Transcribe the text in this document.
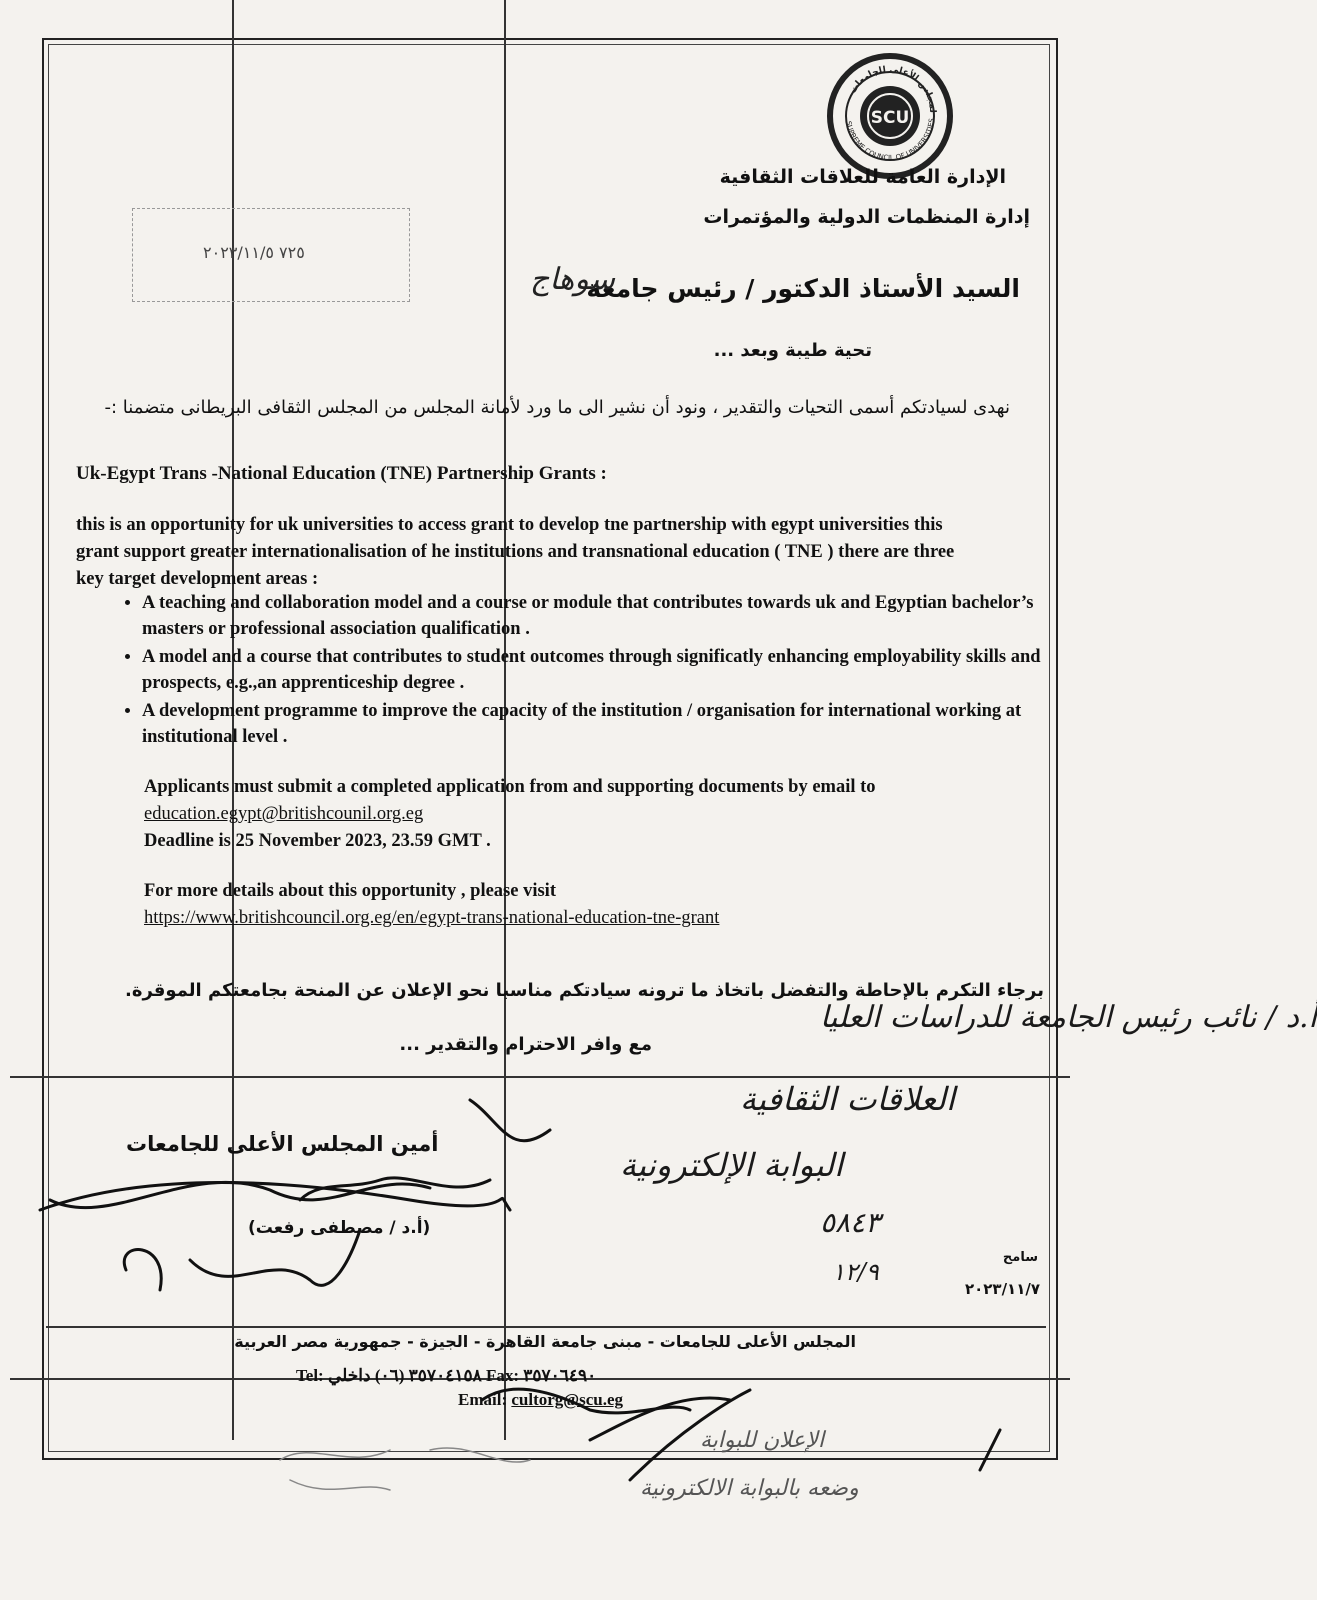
SCU
SUPREME COUNCIL OF UNIVERSITIES
لمجلس الأعلى للجامعات
الإدارة العامة للعلاقات الثقافية
إدارة المنظمات الدولية والمؤتمرات
٧٢٥ ٢٠٢٣/١١/٥
السيد الأستاذ الدكتور / رئيس جامعة
سوهاج
تحية طيبة وبعد ...
نهدى لسيادتكم أسمى التحيات والتقدير ، ونود أن نشير الى ما ورد لأمانة المجلس من المجلس الثقافى البريطانى متضمنا :-
Uk-Egypt Trans -National Education (TNE) Partnership Grants :
this is an opportunity for uk universities to access grant to develop tne partnership with egypt universities this grant support greater internationalisation of he institutions and transnational education ( TNE ) there are three key target development areas :
• A teaching and collaboration model and a course or module that contributes towards uk and Egyptian bachelor’s masters or professional association qualification .
• A model and a course that contributes to student outcomes through significatly enhancing employability skills and prospects, e.g.,an apprenticeship degree .
• A development programme to improve the capacity of the institution / organisation for international working at institutional level .
Applicants must submit a completed application from and supporting documents by email to
education.egypt@britishcounil.org.eg
Deadline is 25 November 2023, 23.59 GMT .
For more details about this opportunity , please visit
https://www.britishcouncil.org.eg/en/egypt-trans-national-education-tne-grant
برجاء التكرم بالإحاطة والتفضل باتخاذ ما ترونه سيادتكم مناسبا نحو الإعلان عن المنحة بجامعتكم الموقرة.
مع وافر الاحترام والتقدير ...
أمين المجلس الأعلى للجامعات
(أ.د / مصطفى رفعت)
سامح
٢٠٢٣/١١/٧
المجلس الأعلى للجامعات - مبنى جامعة القاهرة - الجيزة - جمهورية مصر العربية
Tel: ٣٥٧٠٤١٥٨ (٠٦) داخلي Fax: ٣٥٧٠٦٤٩٠
Email: cultorg@scu.eg
أ.د / نائب رئيس الجامعة للدراسات العليا
العلاقات الثقافية
البوابة الإلكترونية
٥٨٤٣
١٢/٩
الإعلان للبوابة
وضعه بالبوابة الالكترونية
